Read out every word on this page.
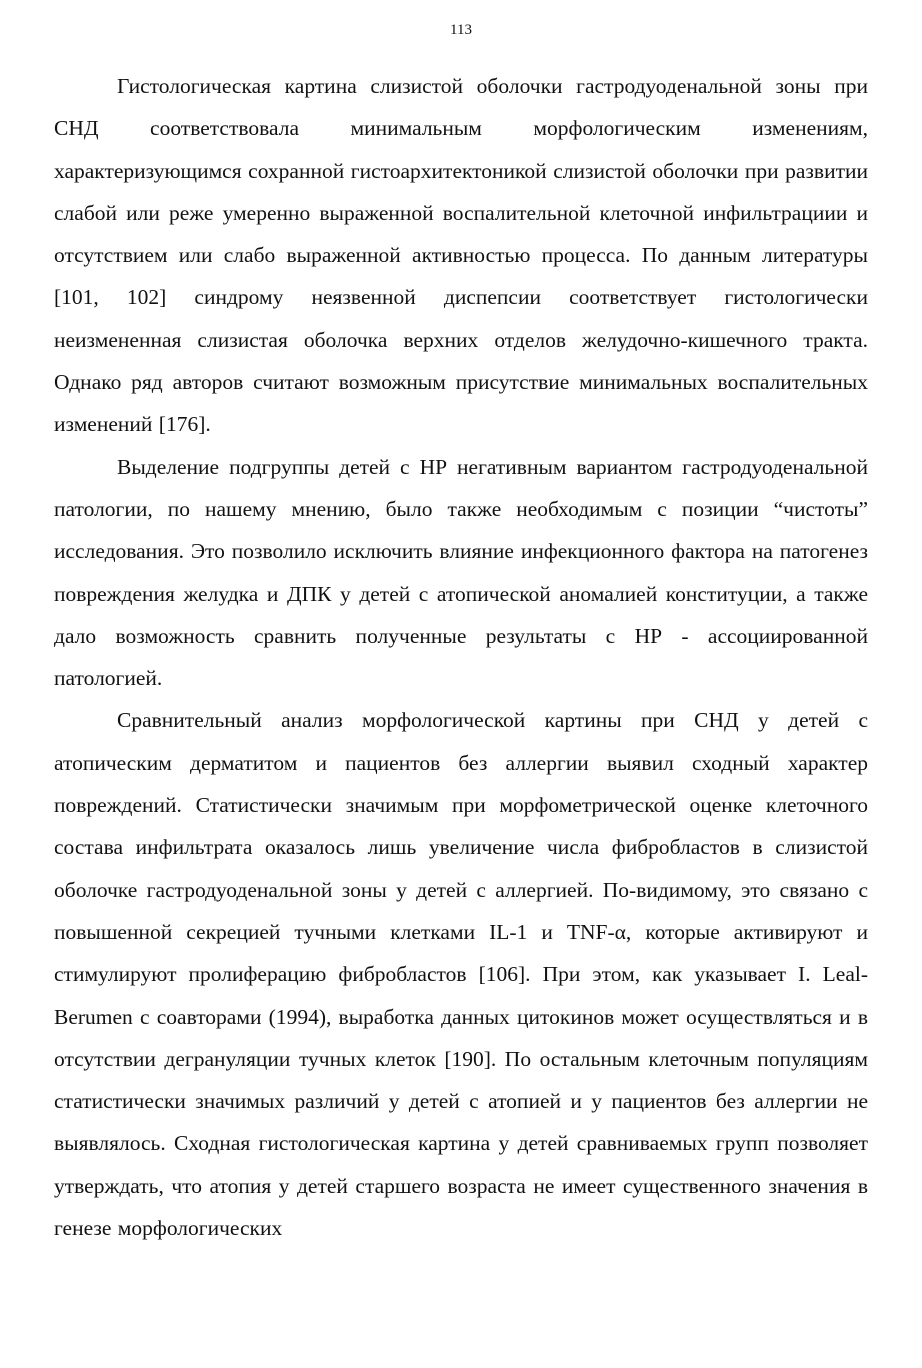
113

Гистологическая картина слизистой оболочки гастродуоденальной зоны при СНД соответствовала минимальным морфологическим изменениям, характеризующимся сохранной гистоархитектоникой слизистой оболочки при развитии слабой или реже умеренно выраженной воспалительной клеточной инфильтрациии и отсутствием или слабо выраженной активностью процесса. По данным литературы [101, 102] синдрому неязвенной диспепсии соответствует гистологически неизмененная слизистая оболочка верхних отделов желудочно-кишечного тракта. Однако ряд авторов считают возможным присутствие минимальных воспалительных изменений [176].

Выделение подгруппы детей с НР негативным вариантом гастродуоденальной патологии, по нашему мнению, было также необходимым с позиции “чистоты” исследования. Это позволило исключить влияние инфекционного фактора на патогенез повреждения желудка и ДПК у детей с атопической аномалией конституции, а также дало возможность сравнить полученные результаты с НР - ассоциированной патологией.

Сравнительный анализ морфологической картины при СНД у детей с атопическим дерматитом и пациентов без аллергии выявил сходный характер повреждений. Статистически значимым при морфометрической оценке клеточного состава инфильтрата оказалось лишь увеличение числа фибробластов в слизистой оболочке гастродуоденальной зоны у детей с аллергией. По-видимому, это связано с повышенной секрецией тучными клетками IL-1 и TNF-α, которые активируют и стимулируют пролиферацию фибробластов [106]. При этом, как указывает I. Leal-Berumen с соавторами (1994), выработка данных цитокинов может осуществляться и в отсутствии дегрануляции тучных клеток [190]. По остальным клеточным популяциям статистически значимых различий у детей с атопией и у пациентов без аллергии не выявлялось. Сходная гистологическая картина у детей сравниваемых групп позволяет утверждать, что атопия у детей старшего возраста не имеет существенного значения в генезе морфологических
